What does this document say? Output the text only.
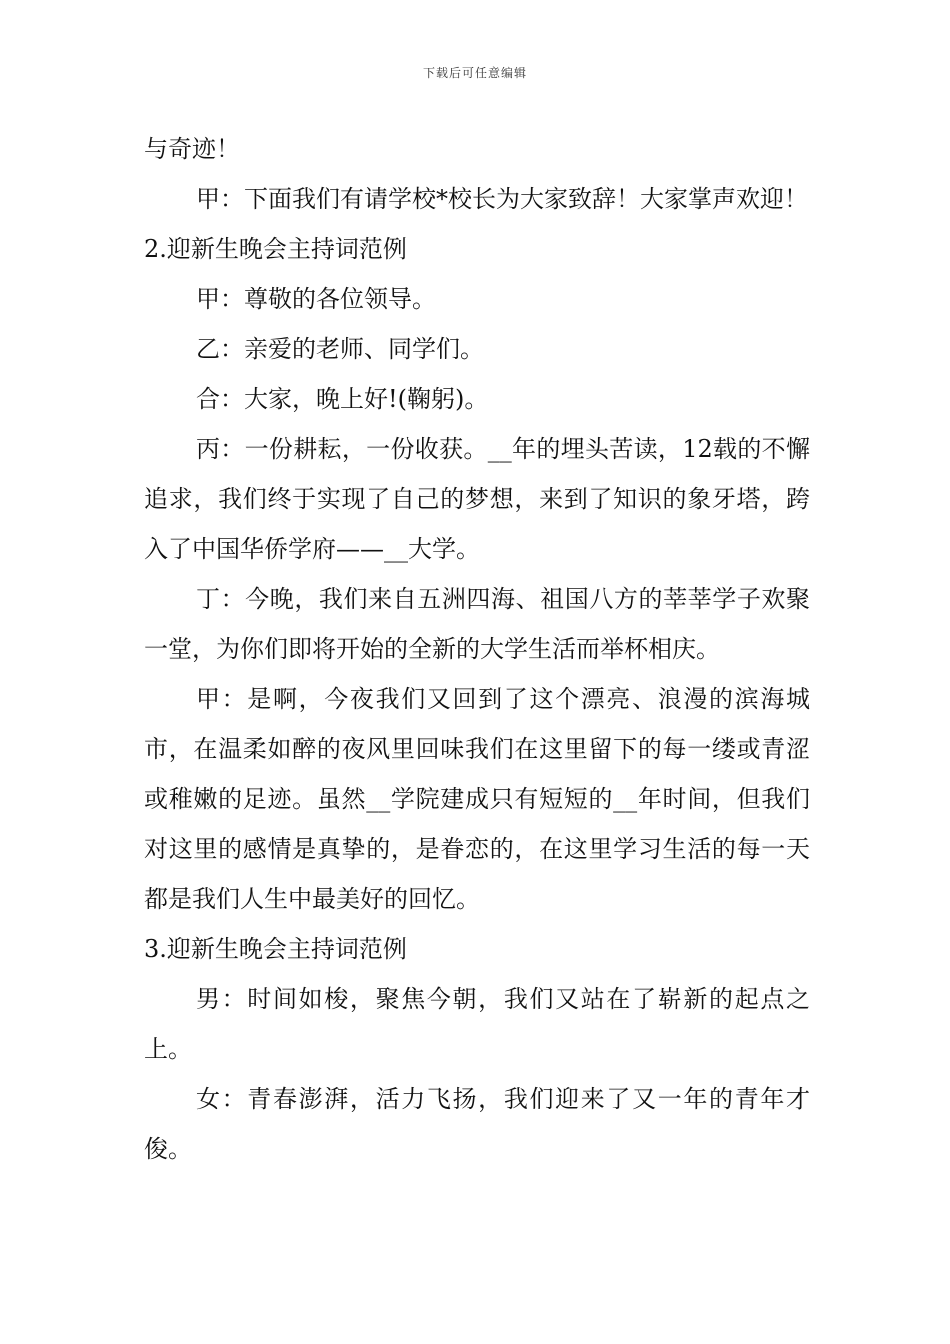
下载后可任意编辑

与奇迹！

甲：下面我们有请学校*校长为大家致辞！大家掌声欢迎！

2.迎新生晚会主持词范例

甲：尊敬的各位领导。

乙：亲爱的老师、同学们。

合：大家，晚上好!(鞠躬)。

丙：一份耕耘，一份收获。__年的埋头苦读，12载的不懈追求，我们终于实现了自己的梦想，来到了知识的象牙塔，跨入了中国华侨学府——__大学。

丁：今晚，我们来自五洲四海、祖国八方的莘莘学子欢聚一堂，为你们即将开始的全新的大学生活而举杯相庆。

甲：是啊，今夜我们又回到了这个漂亮、浪漫的滨海城市，在温柔如醉的夜风里回味我们在这里留下的每一缕或青涩或稚嫩的足迹。虽然__学院建成只有短短的__年时间，但我们对这里的感情是真挚的，是眷恋的，在这里学习生活的每一天都是我们人生中最美好的回忆。

3.迎新生晚会主持词范例

男：时间如梭，聚焦今朝，我们又站在了崭新的起点之上。

女：青春澎湃，活力飞扬，我们迎来了又一年的青年才俊。
